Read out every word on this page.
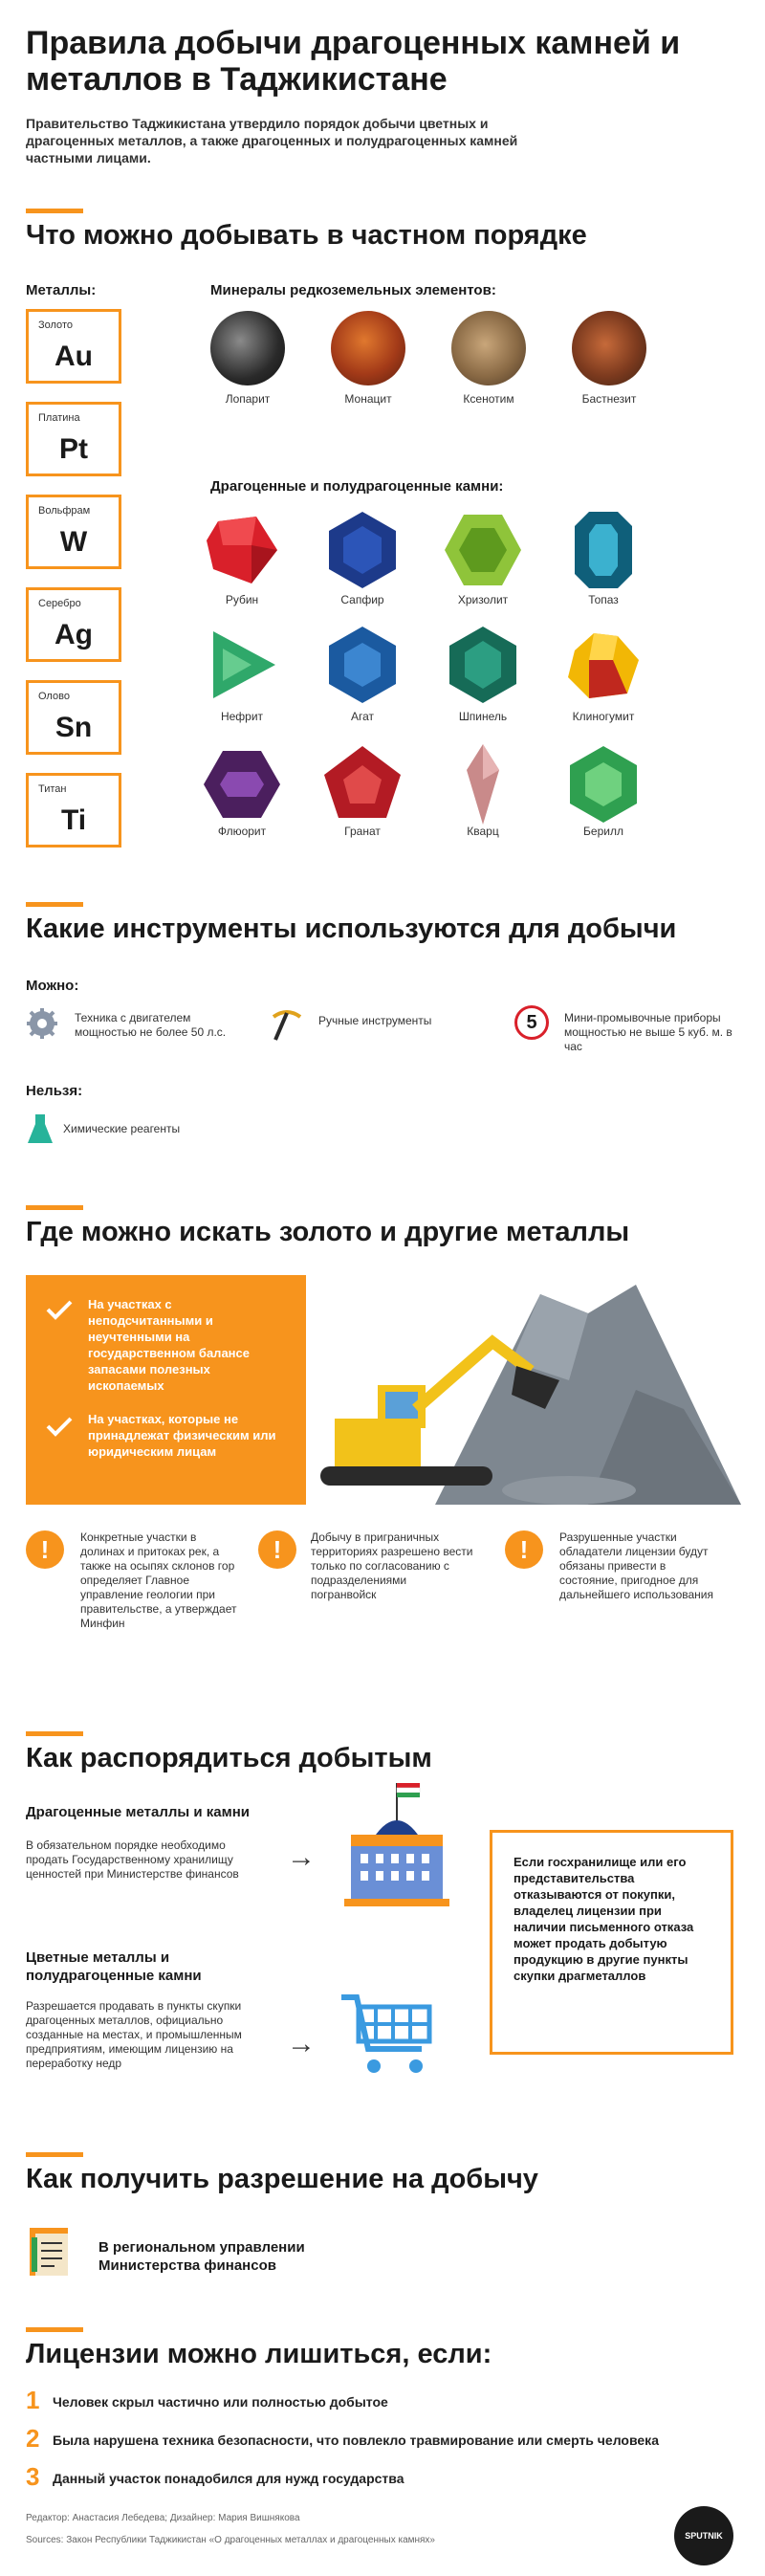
Правила добычи драгоценных камней и металлов в Таджикистане
Правительство Таджикистана утвердило порядок добычи цветных и драгоценных металлов, а также драгоценных и полудрагоценных камней частными лицами.
Что можно добывать в частном порядке
Металлы:
Золото
Au
Платина
Pt
Вольфрам
W
Серебро
Ag
Олово
Sn
Титан
Ti
Минералы редкоземельных элементов:
Лопарит	Монацит	Ксенотим	Бастнезит
Драгоценные и полудрагоценные камни:
Рубин	Сапфир	Хризолит	Топаз
Нефрит	Агат	Шпинель	Клиногумит
Флюорит	Гранат	Кварц	Берилл
Какие инструменты используются для добычи
Можно:
Техника с двигателем мощностью не более 50 л.с.
Ручные инструменты	5	Мини-промывочные приборы мощностью не выше 5 куб. м. в час
Нельзя:
Химические реагенты
Где можно искать золото и другие металлы
На участках с неподсчитанными и неучтенными на государственном балансе запасами полезных ископаемых
На участках, которые не принадлежат физическим или юридическим лицам
!	Конкретные участки в долинах и притоках рек, а также на осыпях склонов гор определяет Главное управление геологии при правительстве, а утверждает Минфин
!	Добычу в приграничных территориях разрешено вести только по согласованию с подразделениями погранвойск
!	Разрушенные участки обладатели лицензии будут обязаны привести в состояние, пригодное для дальнейшего использования
Как распорядиться добытым
Драгоценные металлы и камни
В обязательном порядке необходимо продать Государственному хранилищу ценностей при Министерстве финансов
→
Цветные металлы и полудрагоценные камни
Разрешается продавать в пункты скупки драгоценных металлов, официально созданные на местах, и промышленным предприятиям, имеющим лицензию на переработку недр
→
Если госхранилище или его представительства отказываются от покупки, владелец лицензии при наличии письменного отказа может продать добытую продукцию в другие пункты скупки драгметаллов
Как получить разрешение на добычу
В региональном управлении Министерства финансов
Лицензии можно лишиться, если:
1 Человек скрыл частично или полностью добытое
2 Была нарушена техника безопасности, что повлекло травмирование или смерть человека
3 Данный участок понадобился для нужд государства
Редактор: Анастасия Лебедева; Дизайнер: Мария Вишнякова
Sources: Закон Республики Таджикистан «О драгоценных металлах и драгоценных камнях»	SPUTNIK
